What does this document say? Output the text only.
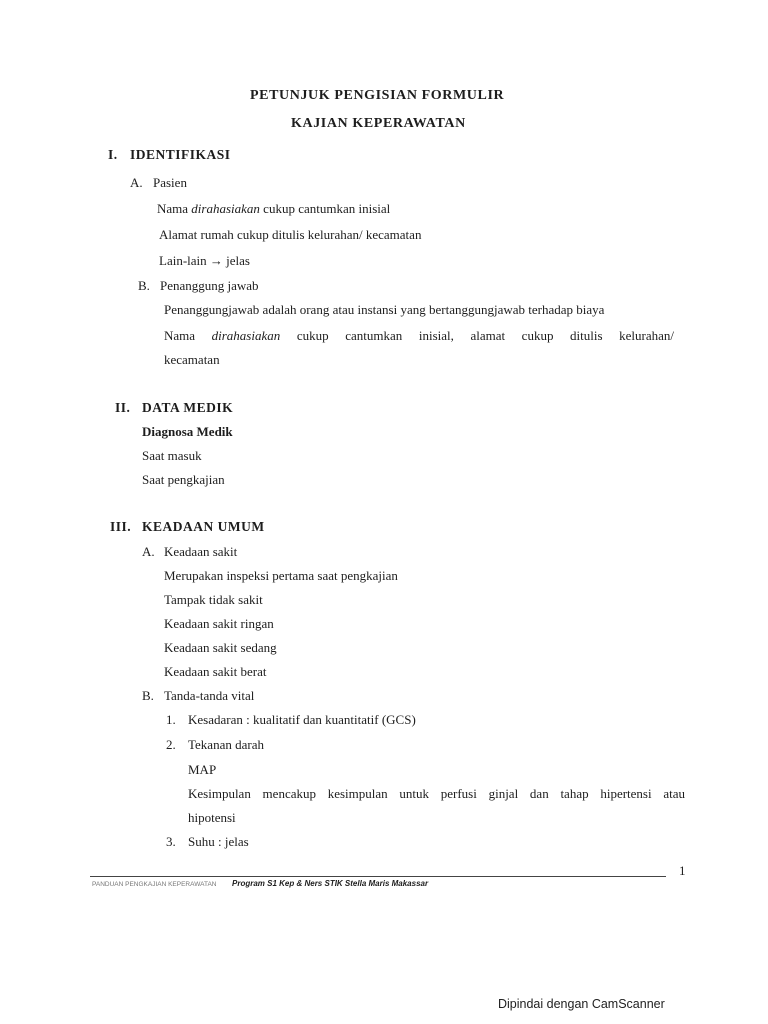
PETUNJUK PENGISIAN FORMULIR
KAJIAN KEPERAWATAN
I. IDENTIFIKASI
A. Pasien
Nama dirahasiakan cukup cantumkan inisial
Alamat rumah cukup ditulis kelurahan/ kecamatan
Lain-lain → jelas
B. Penanggung jawab
Penanggungjawab adalah orang atau instansi yang bertanggungjawab terhadap biaya
Nama dirahasiakan cukup cantumkan inisial, alamat cukup ditulis kelurahan/
kecamatan
II. DATA MEDIK
Diagnosa Medik
Saat masuk
Saat pengkajian
III. KEADAAN UMUM
A. Keadaan sakit
Merupakan inspeksi pertama saat pengkajian
Tampak tidak sakit
Keadaan sakit ringan
Keadaan sakit sedang
Keadaan sakit berat
B. Tanda-tanda vital
1. Kesadaran : kualitatif dan kuantitatif (GCS)
2. Tekanan darah
MAP
Kesimpulan mencakup kesimpulan untuk perfusi ginjal dan tahap hipertensi atau
hipotensi
3. Suhu : jelas
1
PANDUAN PENGKAJIAN KEPERAWATAN Program S1 Kep & Ners STIK Stella Maris Makassar
Dipindai dengan CamScanner
